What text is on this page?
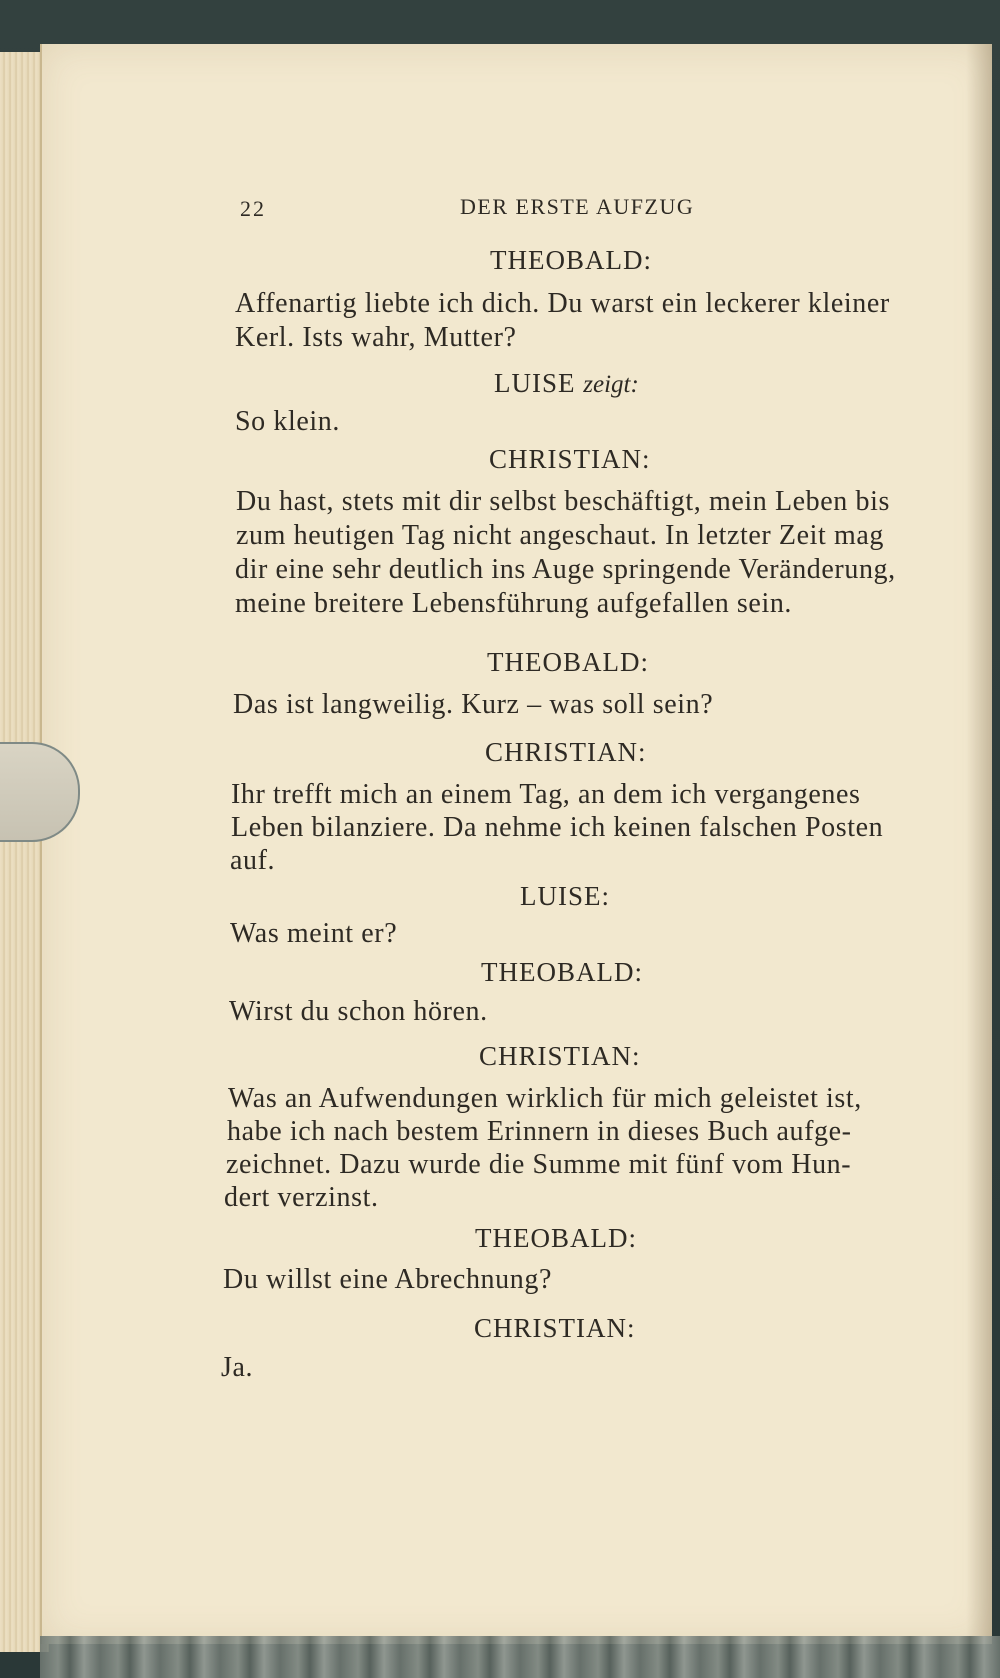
22	DER ERSTE AUFZUG
THEOBALD:
Affenartig liebte ich dich. Du warst ein leckerer kleiner
Kerl. Ists wahr, Mutter?
LUISE zeigt:
So klein.
CHRISTIAN:
Du hast, stets mit dir selbst beschäftigt, mein Leben bis
zum heutigen Tag nicht angeschaut. In letzter Zeit mag
dir eine sehr deutlich ins Auge springende Veränderung,
meine breitere Lebensführung aufgefallen sein.
THEOBALD:
Das ist langweilig. Kurz – was soll sein?
CHRISTIAN:
Ihr trefft mich an einem Tag, an dem ich vergangenes
Leben bilanziere. Da nehme ich keinen falschen Posten
auf.
LUISE:
Was meint er?
THEOBALD:
Wirst du schon hören.
CHRISTIAN:
Was an Aufwendungen wirklich für mich geleistet ist,
habe ich nach bestem Erinnern in dieses Buch aufge-
zeichnet. Dazu wurde die Summe mit fünf vom Hun-
dert verzinst.
THEOBALD:
Du willst eine Abrechnung?
CHRISTIAN:
Ja.
